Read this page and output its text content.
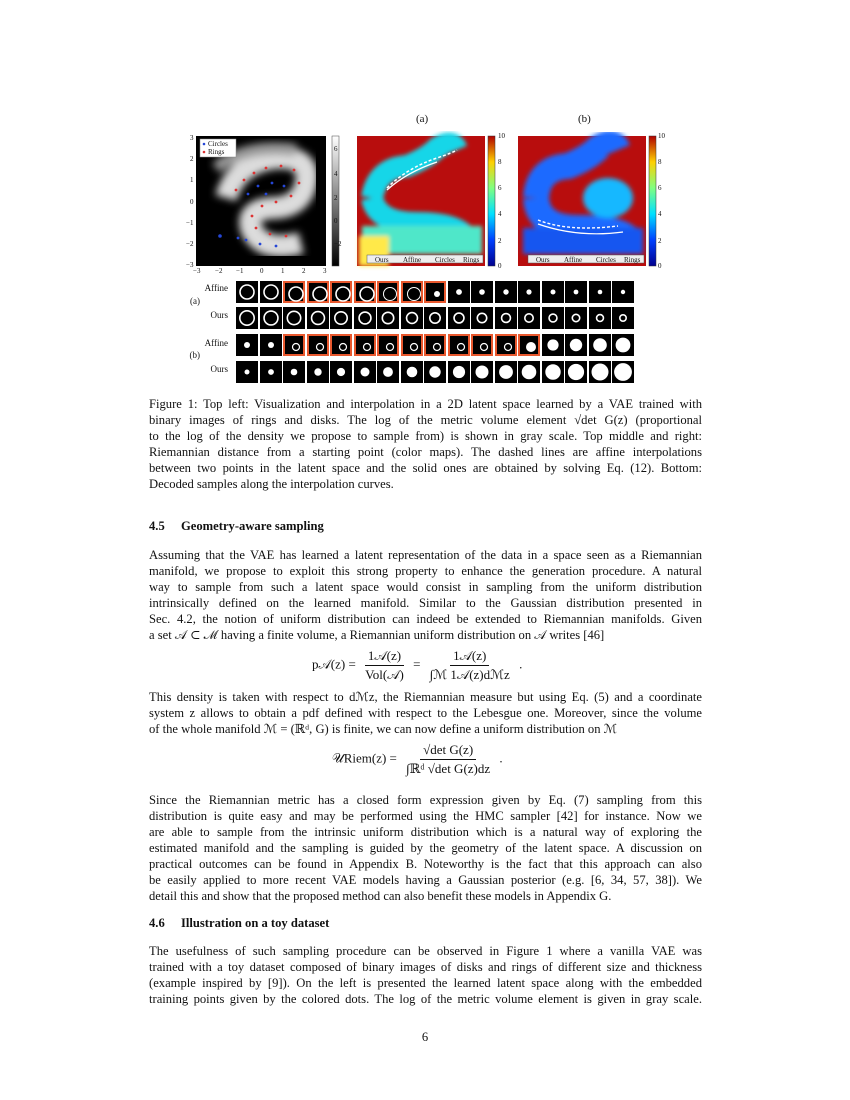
(a)	(b)
Circles
Rings
3
2
1
0
−1
−2
−3
−3 −2 −1 0	1	2	3
6
4
2
0
−2
Ours Affine Circles Rings	Ours Affine Circles Rings
10
8
6
4
2
0
10
8
6
4
2
0
Affine
(a)
Ours
Affine
(b)
Ours
Figure 1: Top left: Visualization and interpolation in a 2D latent space learned by a VAE trained with
binary images of rings and disks. The log of the metric volume element √det G(z) (proportional
to the log of the density we propose to sample from) is shown in gray scale. Top middle and right:
Riemannian distance from a starting point (color maps). The dashed lines are affine interpolations
between two points in the latent space and the solid ones are obtained by solving Eq. (12). Bottom:
Decoded samples along the interpolation curves.
4.5 Geometry-aware sampling
Assuming that the VAE has learned a latent representation of the data in a space seen as a Riemannian
manifold, we propose to exploit this strong property to enhance the generation procedure. A natural
way to sample from such a latent space would consist in sampling from the uniform distribution
intrinsically defined on the learned manifold. Similar to the Gaussian distribution presented in
Sec. 4.2, the notion of uniform distribution can indeed be extended to Riemannian manifolds. Given
a set 𝒜 ⊂ ℳ having a finite volume, a Riemannian uniform distribution on 𝒜 writes [46]
p𝒜(z) = $\frac{\text{1𝒜(z)}}{\text{Vol(𝒜)}} = \frac{\text{1𝒜(z)}}{\text{∫ℳ 1𝒜(z)dℳz}}$ .
This density is taken with respect to dℳz, the Riemannian measure but using Eq. (5) and a coordinate
system z allows to obtain a pdf defined with respect to the Lebesgue one. Moreover, since the volume
of the whole manifold ℳ = (ℝᵈ, G) is finite, we can now define a uniform distribution on ℳ
𝒰Riem(z) = $\frac{\text{√det G(z)}}{\text{∫ℝᵈ √det G(z)dz}}$ .
Since the Riemannian metric has a closed form expression given by Eq. (7) sampling from this
distribution is quite easy and may be performed using the HMC sampler [42] for instance. Now we
are able to sample from the intrinsic uniform distribution which is a natural way of exploring the
estimated manifold and the sampling is guided by the geometry of the latent space. A discussion on
practical outcomes can be found in Appendix B. Noteworthy is the fact that this approach can also
be easily applied to more recent VAE models having a Gaussian posterior (e.g. [6, 34, 57, 38]). We
detail this and show that the proposed method can also benefit these models in Appendix G.
4.6 Illustration on a toy dataset
The usefulness of such sampling procedure can be observed in Figure 1 where a vanilla VAE was
trained with a toy dataset composed of binary images of disks and rings of different size and thickness
(example inspired by [9]). On the left is presented the learned latent space along with the embedded
training points given by the colored dots. The log of the metric volume element is given in gray scale.
6
